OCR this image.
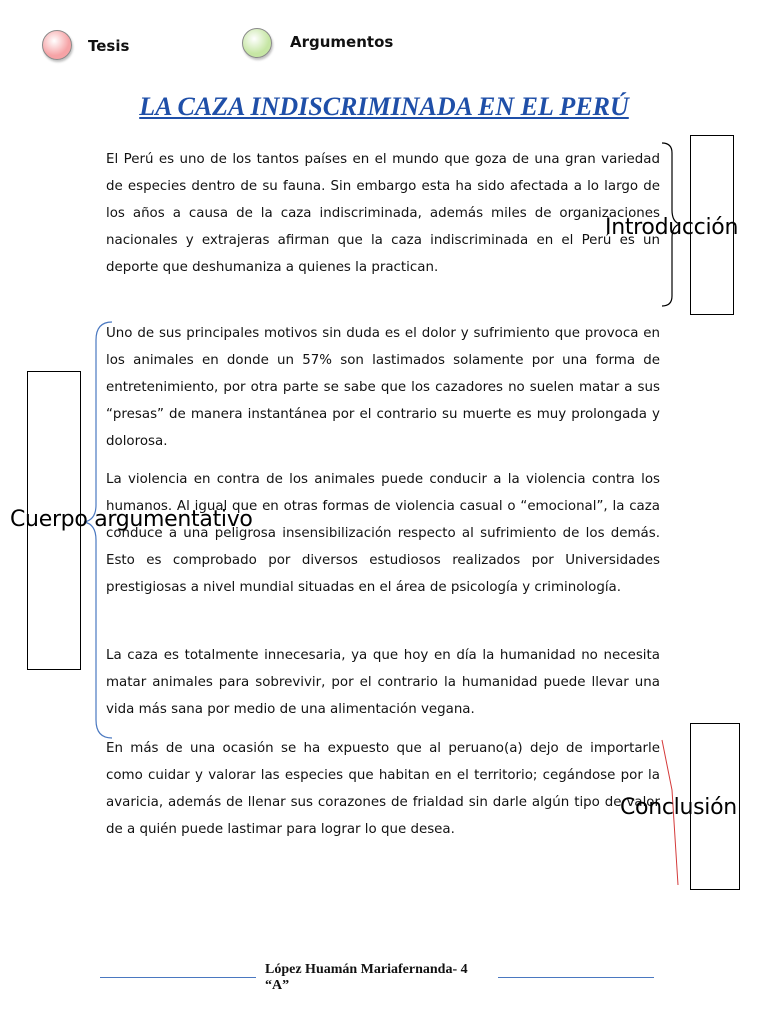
Tesis	Argumentos
LA CAZA INDISCRIMINADA EN EL PERÚ

El Perú es uno de los tantos países en el mundo que goza de una gran variedad de especies dentro de su fauna. Sin embargo esta ha sido afectada a lo largo de los años a causa de la caza indiscriminada, además miles de organizaciones nacionales y extrajeras afirman que la caza indiscriminada en el Perú es un deporte que deshumaniza a quienes la practican.

Uno de sus principales motivos sin duda es el dolor y sufrimiento que provoca en los animales en donde un 57% son lastimados solamente por una forma de entretenimiento, por otra parte se sabe que los cazadores no suelen matar a sus “presas” de manera instantánea por el contrario su muerte es muy prolongada y dolorosa.

La violencia en contra de los animales puede conducir a la violencia contra los humanos. Al igual que en otras formas de violencia casual o “emocional”, la caza conduce a una peligrosa insensibilización respecto al sufrimiento de los demás. Esto es comprobado por diversos estudiosos realizados por Universidades prestigiosas a nivel mundial situadas en el área de psicología y criminología.

La caza es totalmente innecesaria, ya que hoy en día la humanidad no necesita matar animales para sobrevivir, por el contrario la humanidad puede llevar una vida más sana por medio de una alimentación vegana.

En más de una ocasión se ha expuesto que al peruano(a) dejo de importarle como cuidar y valorar las especies que habitan en el territorio; cegándose por la avaricia, además de llenar sus corazones de frialdad sin darle algún tipo de valor de a quién puede lastimar para lograr lo que desea.

Introducción
Cuerpo argumentativo
Conclusión
López Huamán Mariafernanda- 4 “A”
